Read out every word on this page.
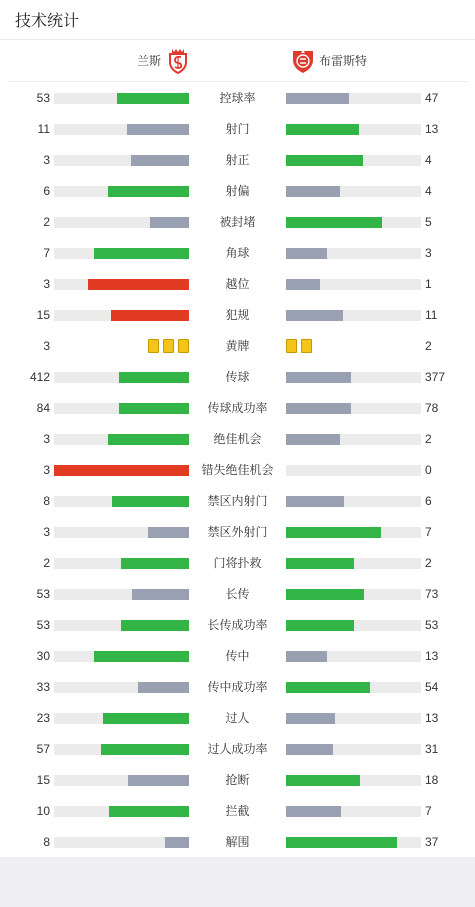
技术统计
兰斯	布雷斯特
53	控球率	47
11	射门	13
3	射正	4
6	射偏	4
2	被封堵	5
7	角球	3
3	越位	1
15	犯规	11
3	黄牌	2
412	传球	377
84	传球成功率	78
3	绝佳机会	2
3	错失绝佳机会	0
8	禁区内射门	6
3	禁区外射门	7
2	门将扑救	2
53	长传	73
53	长传成功率	53
30	传中	13
33	传中成功率	54
23	过人	13
57	过人成功率	31
15	抢断	18
10	拦截	7
8	解围	37
